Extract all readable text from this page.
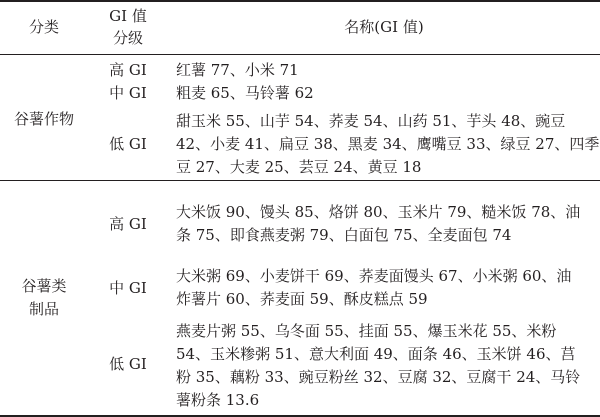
分类
GI 值
分级
名称(GI 值)
谷薯作物
高 GI	红薯 77、小米 71
中 GI	粗麦 65、马铃薯 62
低 GI
甜玉米 55、山芋 54、荞麦 54、山药 51、芋头 48、豌豆
42、小麦 41、扁豆 38、黑麦 34、鹰嘴豆 33、绿豆 27、四季
豆 27、大麦 25、芸豆 24、黄豆 18
谷薯类
制品
高 GI
大米饭 90、馒头 85、烙饼 80、玉米片 79、糙米饭 78、油
条 75、即食燕麦粥 79、白面包 75、全麦面包 74
中 GI
大米粥 69、小麦饼干 69、荞麦面馒头 67、小米粥 60、油
炸薯片 60、荞麦面 59、酥皮糕点 59
低 GI
燕麦片粥 55、乌冬面 55、挂面 55、爆玉米花 55、米粉
54、玉米糁粥 51、意大利面 49、面条 46、玉米饼 46、莒
粉 35、藕粉 33、豌豆粉丝 32、豆腐 32、豆腐干 24、马铃
薯粉条 13.6
